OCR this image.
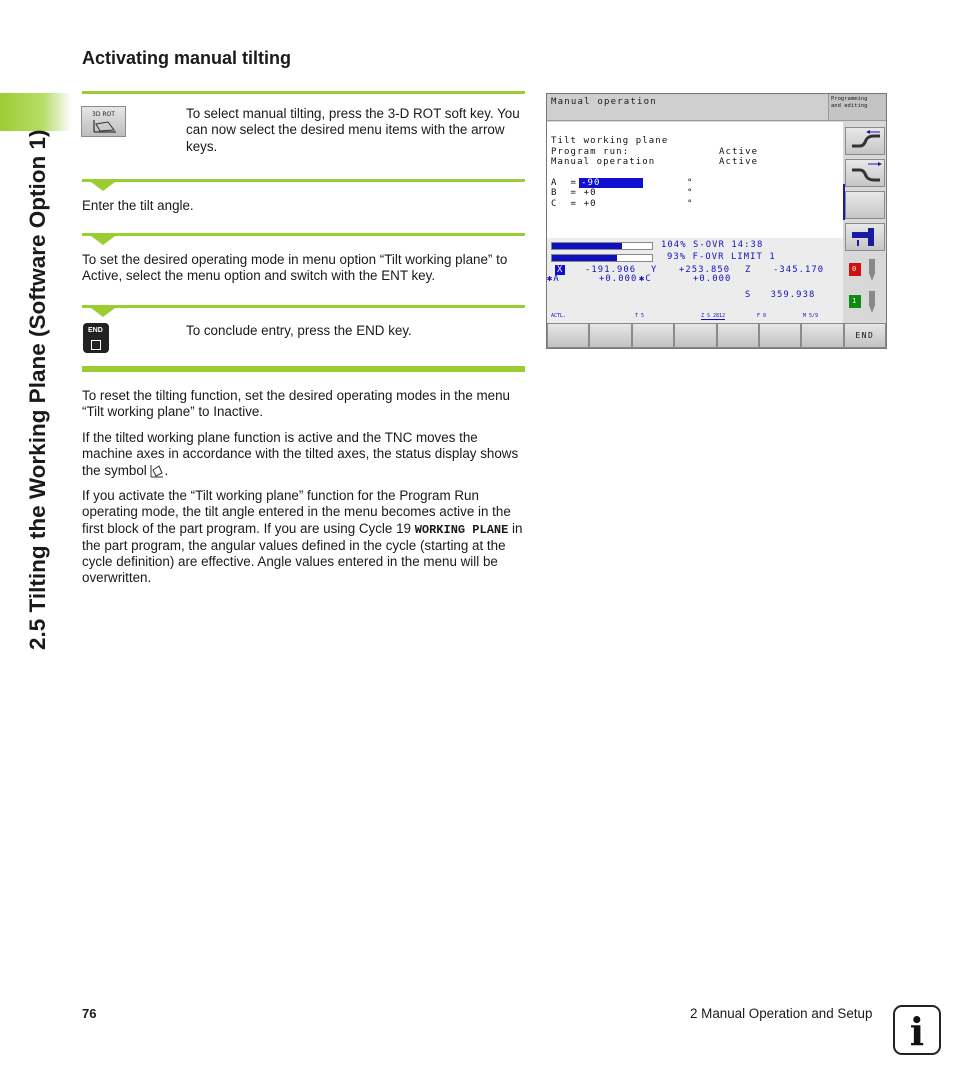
2.5 Tilting the Working Plane (Software Option 1)
Activating manual tilting
3D ROT	To select manual tilting, press the 3-D ROT soft key. You can now select the desired menu items with the arrow keys.

Enter the tilt angle.

To set the desired operating mode in menu option “Tilt working plane” to Active, select the menu option and switch with the ENT key.

END	To conclude entry, press the END key.

To reset the tilting function, set the desired operating modes in the menu “Tilt working plane” to Inactive.

If the tilted working plane function is active and the TNC moves the machine axes in accordance with the tilted axes, the status display shows the symbol .

If you activate the “Tilt working plane” function for the Program Run operating mode, the tilt angle entered in the menu becomes active in the first block of the part program. If you are using Cycle 19 WORKING PLANE in the part program, the angular values defined in the cycle (starting at the cycle definition) are effective. Angle values entered in the menu will be overwritten.

Manual operation	Programming
and editing
Tilt working plane
Program run:	Active
Manual operation	Active
A  = -90	°
B  = +0	°
C  = +0	°
104% S-OVR 14:38
93% F-OVR LIMIT 1
X -191.906 Y +253.850 Z -345.170
✱A	+0.000 ✱C	+0.000
S   359.938
ACTL.	T 5	Z S 2812	F 0	M 5/9
0
1
END
76	2 Manual Operation and Setup i
